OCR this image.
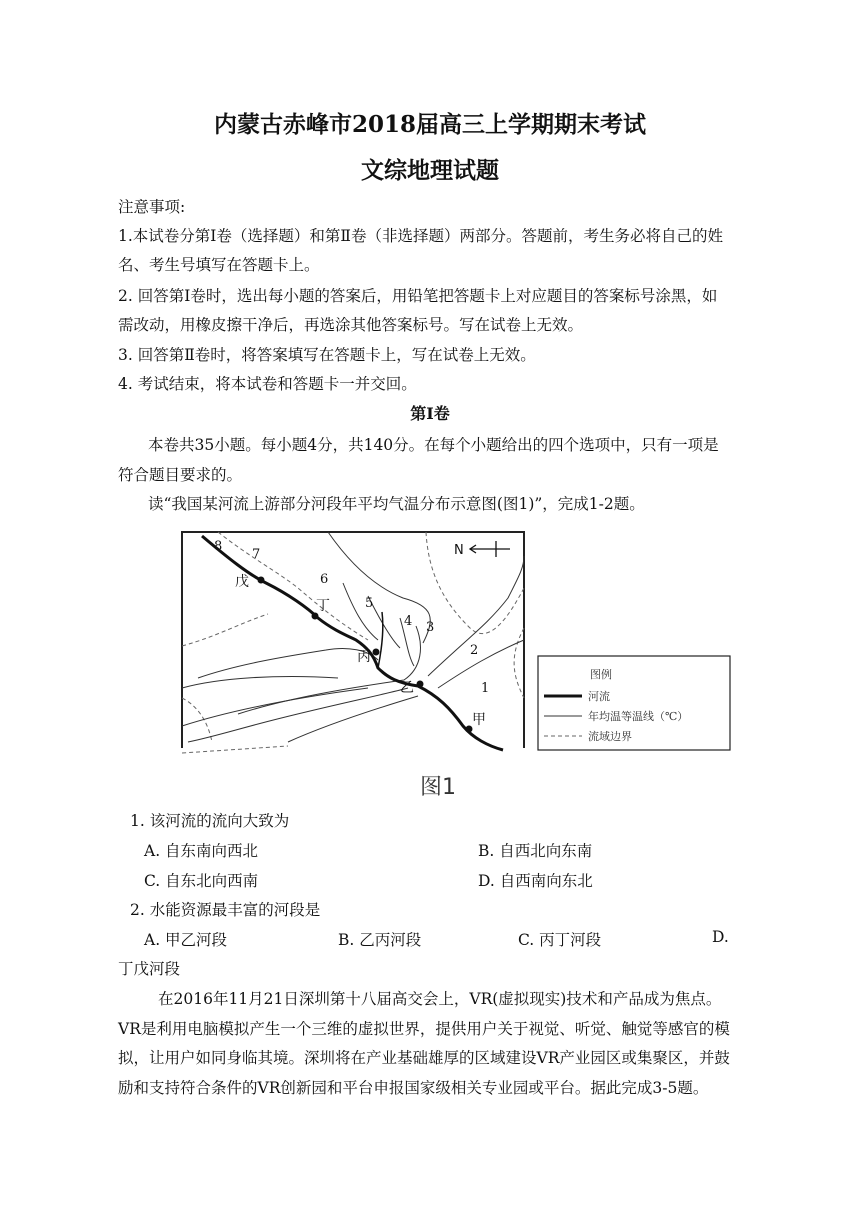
内蒙古赤峰市2018届高三上学期期末考试
文综地理试题
注意事项:
1.本试卷分第Ⅰ卷（选择题）和第Ⅱ卷（非选择题）两部分。答题前，考生务必将自己的姓
名、考生号填写在答题卡上。
2. 回答第Ⅰ卷时，选出每小题的答案后，用铅笔把答题卡上对应题目的答案标号涂黑，如
需改动，用橡皮擦干净后，再选涂其他答案标号。写在试卷上无效。
3. 回答第Ⅱ卷时，将答案填写在答题卡上，写在试卷上无效。
4. 考试结束，将本试卷和答题卡一并交回。
第Ⅰ卷
本卷共35小题。每小题4分，共140分。在每个小题给出的四个选项中，只有一项是
符合题目要求的。
读“我国某河流上游部分河段年平均气温分布示意图(图1)”，完成1-2题。
戊
丁
丙
乙
甲
1
2
3
4
5
6
7
8	N
图例
河流
年均温等温线（℃）
流域边界
图1
1. 该河流的流向大致为
A. 自东南向西北	B. 自西北向东南
C. 自东北向西南	D. 自西南向东北
2. 水能资源最丰富的河段是
A. 甲乙河段	B. 乙丙河段	C. 丙丁河段	D.
丁戊河段
在2016年11月21日深圳第十八届高交会上，VR(虚拟现实)技术和产品成为焦点。
VR是利用电脑模拟产生一个三维的虚拟世界，提供用户关于视觉、听觉、触觉等感官的模
拟，让用户如同身临其境。深圳将在产业基础雄厚的区域建设VR产业园区或集聚区，并鼓
励和支持符合条件的VR创新园和平台申报国家级相关专业园或平台。据此完成3-5题。
